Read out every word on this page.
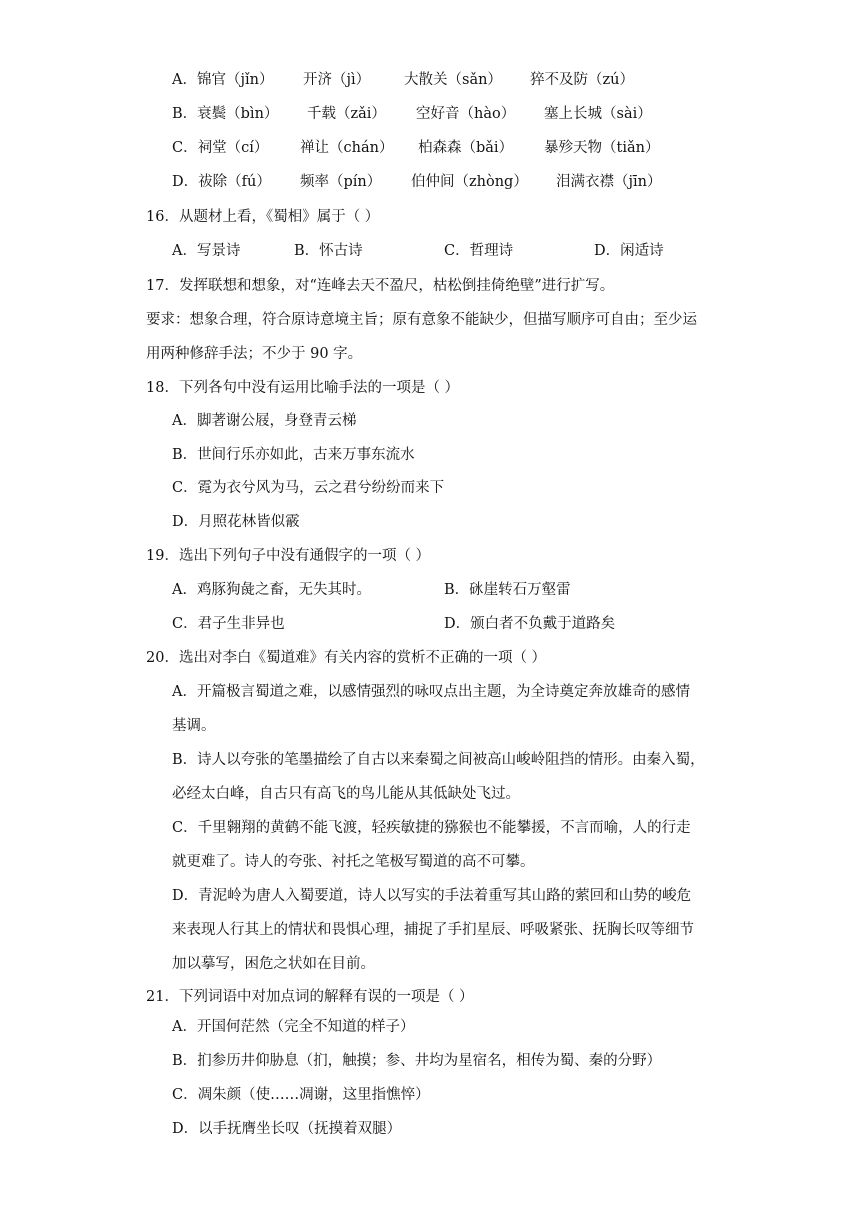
A．锦官（jǐn） 开济（jì） 大散关（sǎn） 猝不及防（zú）
B．衰鬓（bìn） 千载（zǎi） 空好音（hào） 塞上长城（sài）
C．祠堂（cí） 禅让（chán） 柏森森（bǎi） 暴殄天物（tiǎn）
D．祓除（fú） 频率（pín） 伯仲间（zhòng） 泪满衣襟（jīn）
16．从题材上看，《蜀相》属于（ ）
A．写景诗	B．怀古诗	C．哲理诗	D．闲适诗
17．发挥联想和想象，对“连峰去天不盈尺，枯松倒挂倚绝壁”进行扩写。
要求：想象合理，符合原诗意境主旨；原有意象不能缺少，但描写顺序可自由；至少运
用两种修辞手法；不少于 90 字。
18．下列各句中没有运用比喻手法的一项是（ ）
A．脚著谢公屐，身登青云梯
B．世间行乐亦如此，古来万事东流水
C．霓为衣兮风为马，云之君兮纷纷而来下
D．月照花林皆似霰
19．选出下列句子中没有通假字的一项（ ）
A．鸡豚狗彘之畜，无失其时。	B．砯崖转石万壑雷
C．君子生非异也	D．颁白者不负戴于道路矣
20．选出对李白《蜀道难》有关内容的赏析不正确的一项（ ）
A．开篇极言蜀道之难，以感情强烈的咏叹点出主题，为全诗奠定奔放雄奇的感情
基调。
B．诗人以夸张的笔墨描绘了自古以来秦蜀之间被高山峻岭阻挡的情形。由秦入蜀，
必经太白峰，自古只有高飞的鸟儿能从其低缺处飞过。
C．千里翱翔的黄鹤不能飞渡，轻疾敏捷的猕猴也不能攀援，不言而喻，人的行走
就更难了。诗人的夸张、衬托之笔极写蜀道的高不可攀。
D．青泥岭为唐人入蜀要道，诗人以写实的手法着重写其山路的萦回和山势的峻危
来表现人行其上的情状和畏惧心理，捕捉了手扪星辰、呼吸紧张、抚胸长叹等细节
加以摹写，困危之状如在目前。
21．下列词语中对加点词的解释有误的一项是（ ）
A．开国何茫然（完全不知道的样子）
B．扪参历井仰胁息（扪，触摸；参、井均为星宿名，相传为蜀、秦的分野）
C．凋朱颜（使……凋谢，这里指憔悴）
D．以手抚膺坐长叹（抚摸着双腿）
